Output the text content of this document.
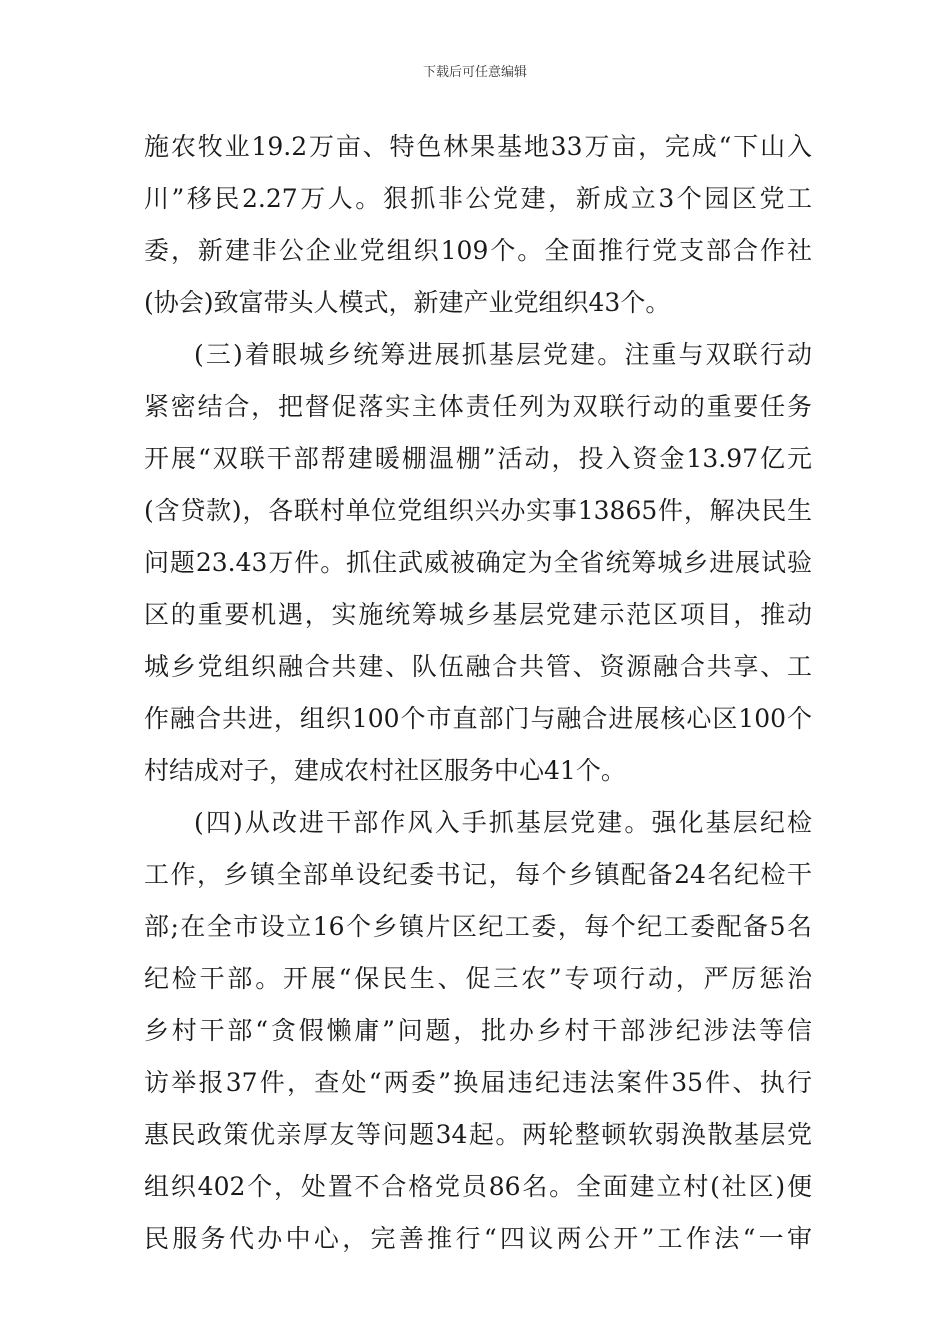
下载后可任意编辑
施农牧业19.2万亩、特色林果基地33万亩，完成“下山入
川”移民2.27万人。狠抓非公党建，新成立3个园区党工
委，新建非公企业党组织109个。全面推行党支部合作社
(协会)致富带头人模式，新建产业党组织43个。
(三)着眼城乡统筹进展抓基层党建。注重与双联行动
紧密结合，把督促落实主体责任列为双联行动的重要任务
开展“双联干部帮建暖棚温棚”活动，投入资金13.97亿元
(含贷款)，各联村单位党组织兴办实事13865件，解决民生
问题23.43万件。抓住武威被确定为全省统筹城乡进展试验
区的重要机遇，实施统筹城乡基层党建示范区项目，推动
城乡党组织融合共建、队伍融合共管、资源融合共享、工
作融合共进，组织100个市直部门与融合进展核心区100个
村结成对子，建成农村社区服务中心41个。
(四)从改进干部作风入手抓基层党建。强化基层纪检
工作，乡镇全部单设纪委书记，每个乡镇配备24名纪检干
部;在全市设立16个乡镇片区纪工委，每个纪工委配备5名
纪检干部。开展“保民生、促三农”专项行动，严厉惩治
乡村干部“贪假懒庸”问题，批办乡村干部涉纪涉法等信
访举报37件，查处“两委”换届违纪违法案件35件、执行
惠民政策优亲厚友等问题34起。两轮整顿软弱涣散基层党
组织402个，处置不合格党员86名。全面建立村(社区)便
民服务代办中心，完善推行“四议两公开”工作法“一审
